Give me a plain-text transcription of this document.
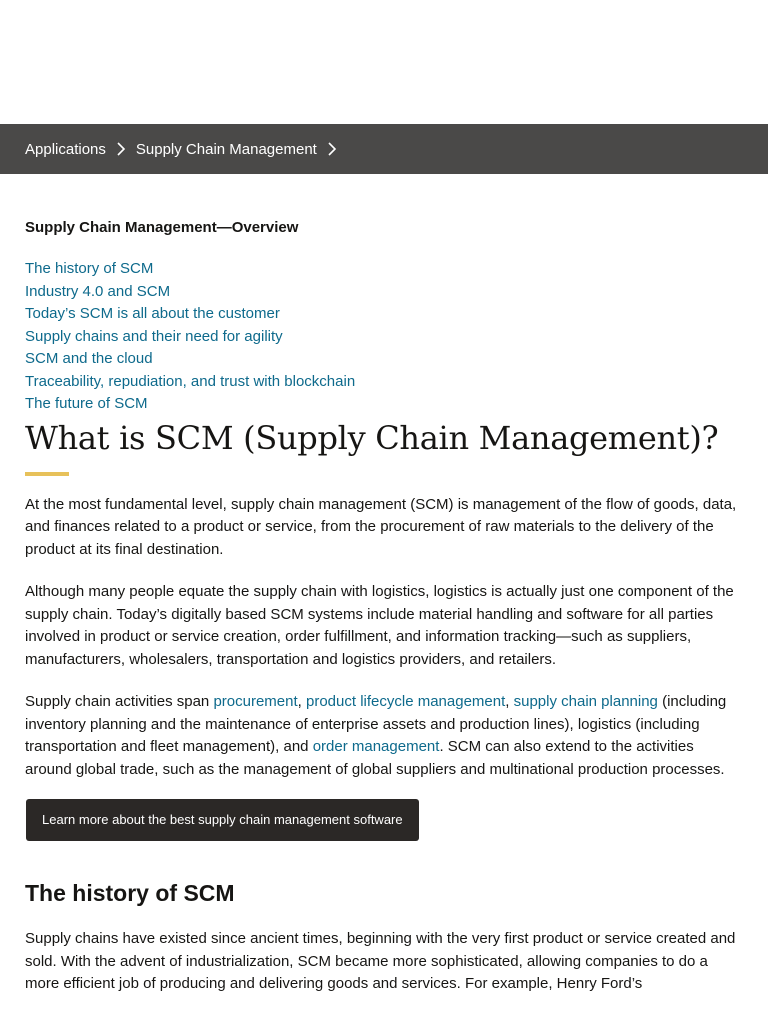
Applications Supply Chain Management
Supply Chain Management—Overview
The history of SCM
Industry 4.0 and SCM
Today’s SCM is all about the customer
Supply chains and their need for agility
SCM and the cloud
Traceability, repudiation, and trust with blockchain
The future of SCM
What is SCM (Supply Chain Management)?

At the most fundamental level, supply chain management (SCM) is management of the flow of goods, data, and finances related to a product or service, from the procurement of raw materials to the delivery of the product at its final destination.

Although many people equate the supply chain with logistics, logistics is actually just one component of the supply chain. Today’s digitally based SCM systems include material handling and software for all parties involved in product or service creation, order fulfillment, and information tracking—such as suppliers, manufacturers, wholesalers, transportation and logistics providers, and retailers.

Supply chain activities span procurement, product lifecycle management, supply chain planning (including inventory planning and the maintenance of enterprise assets and production lines), logistics (including transportation and fleet management), and order management. SCM can also extend to the activities around global trade, such as the management of global suppliers and multinational production processes.

Learn more about the best supply chain management software
The history of SCM

Supply chains have existed since ancient times, beginning with the very first product or service created and sold. With the advent of industrialization, SCM became more sophisticated, allowing companies to do a more efficient job of producing and delivering goods and services. For example, Henry Ford’s
